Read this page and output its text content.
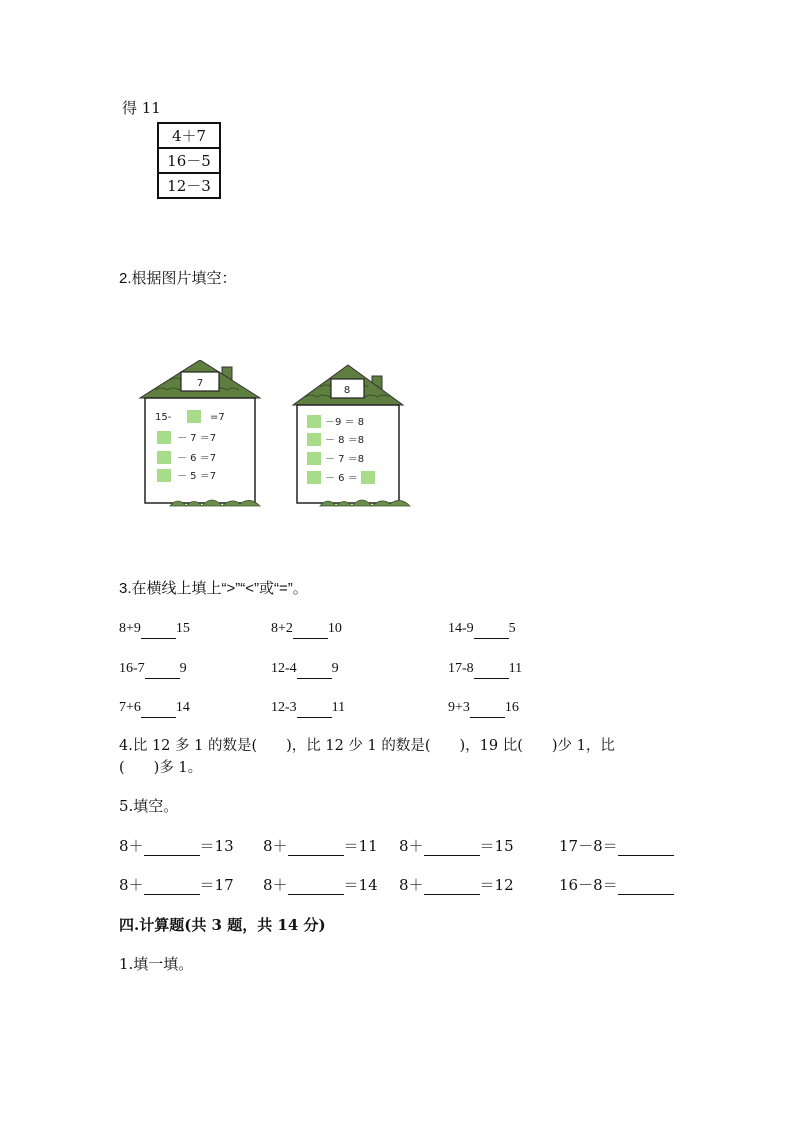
得 11
4＋7
16－5
12－3
2.根据图片填空：
7
15-	=7
－ 7 ＝7
－ 6 ＝7
－ 5 ＝7
8
－9 ＝ 8
－ 8 ＝8
－ 7 ＝8
－ 6 ＝
3.在横线上填上“>”“<”或“=”。
8+9	15	8+2	10	14-9	5
16-7	9	12-4	9	17-8	11
7+6	14	12-3	11	9+3	16
4.比 12 多 1 的数是(　　)，比 12 少 1 的数是(　　)，19 比(　　)少 1，比
(　　)多 1。
5.填空。
8＋	＝13 8＋	＝11 8＋	＝15	17－8＝
8＋	＝17 8＋	＝14 8＋	＝12	16－8＝
四.计算题(共 3 题，共 14 分)
1.填一填。
